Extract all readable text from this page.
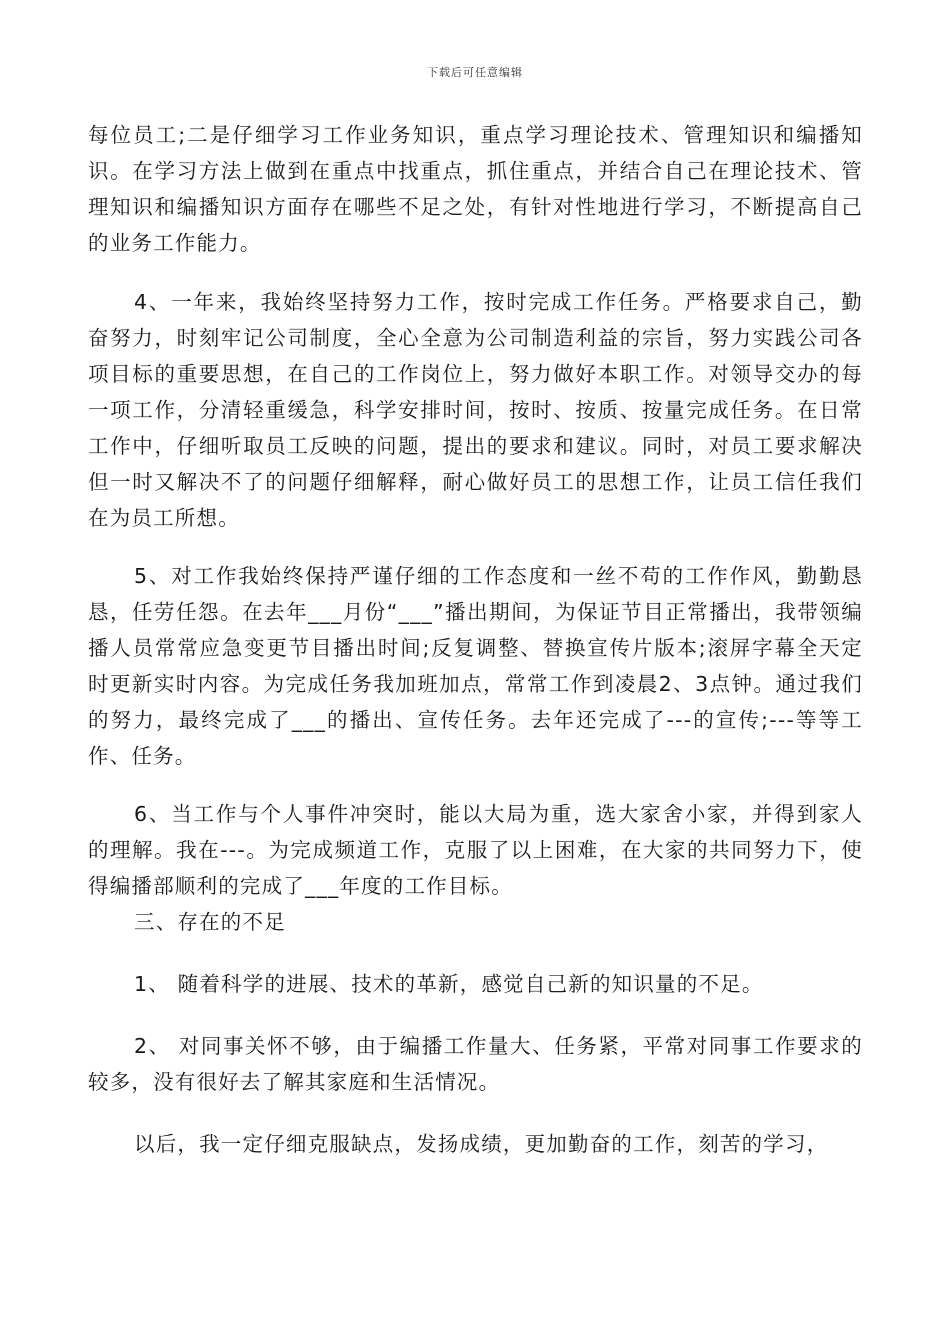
下载后可任意编辑

每位员工;二是仔细学习工作业务知识，重点学习理论技术、管理知识和编播知识。在学习方法上做到在重点中找重点，抓住重点，并结合自己在理论技术、管理知识和编播知识方面存在哪些不足之处，有针对性地进行学习，不断提高自己的业务工作能力。

4、一年来，我始终坚持努力工作，按时完成工作任务。严格要求自己，勤奋努力，时刻牢记公司制度，全心全意为公司制造利益的宗旨，努力实践公司各项目标的重要思想，在自己的工作岗位上，努力做好本职工作。对领导交办的每一项工作，分清轻重缓急，科学安排时间，按时、按质、按量完成任务。在日常工作中，仔细听取员工反映的问题，提出的要求和建议。同时，对员工要求解决但一时又解决不了的问题仔细解释，耐心做好员工的思想工作，让员工信任我们在为员工所想。

5、对工作我始终保持严谨仔细的工作态度和一丝不苟的工作作风，勤勤恳恳，任劳任怨。在去年___月份“___”播出期间，为保证节目正常播出，我带领编播人员常常应急变更节目播出时间;反复调整、替换宣传片版本;滚屏字幕全天定时更新实时内容。为完成任务我加班加点，常常工作到凌晨2、3点钟。通过我们的努力，最终完成了___的播出、宣传任务。去年还完成了---的宣传;---等等工作、任务。

6、当工作与个人事件冲突时，能以大局为重，选大家舍小家，并得到家人的理解。我在---。为完成频道工作，克服了以上困难，在大家的共同努力下，使得编播部顺利的完成了___年度的工作目标。

三、存在的不足

1、 随着科学的进展、技术的革新，感觉自己新的知识量的不足。

2、 对同事关怀不够，由于编播工作量大、任务紧，平常对同事工作要求的较多，没有很好去了解其家庭和生活情况。

以后，我一定仔细克服缺点，发扬成绩，更加勤奋的工作，刻苦的学习，
